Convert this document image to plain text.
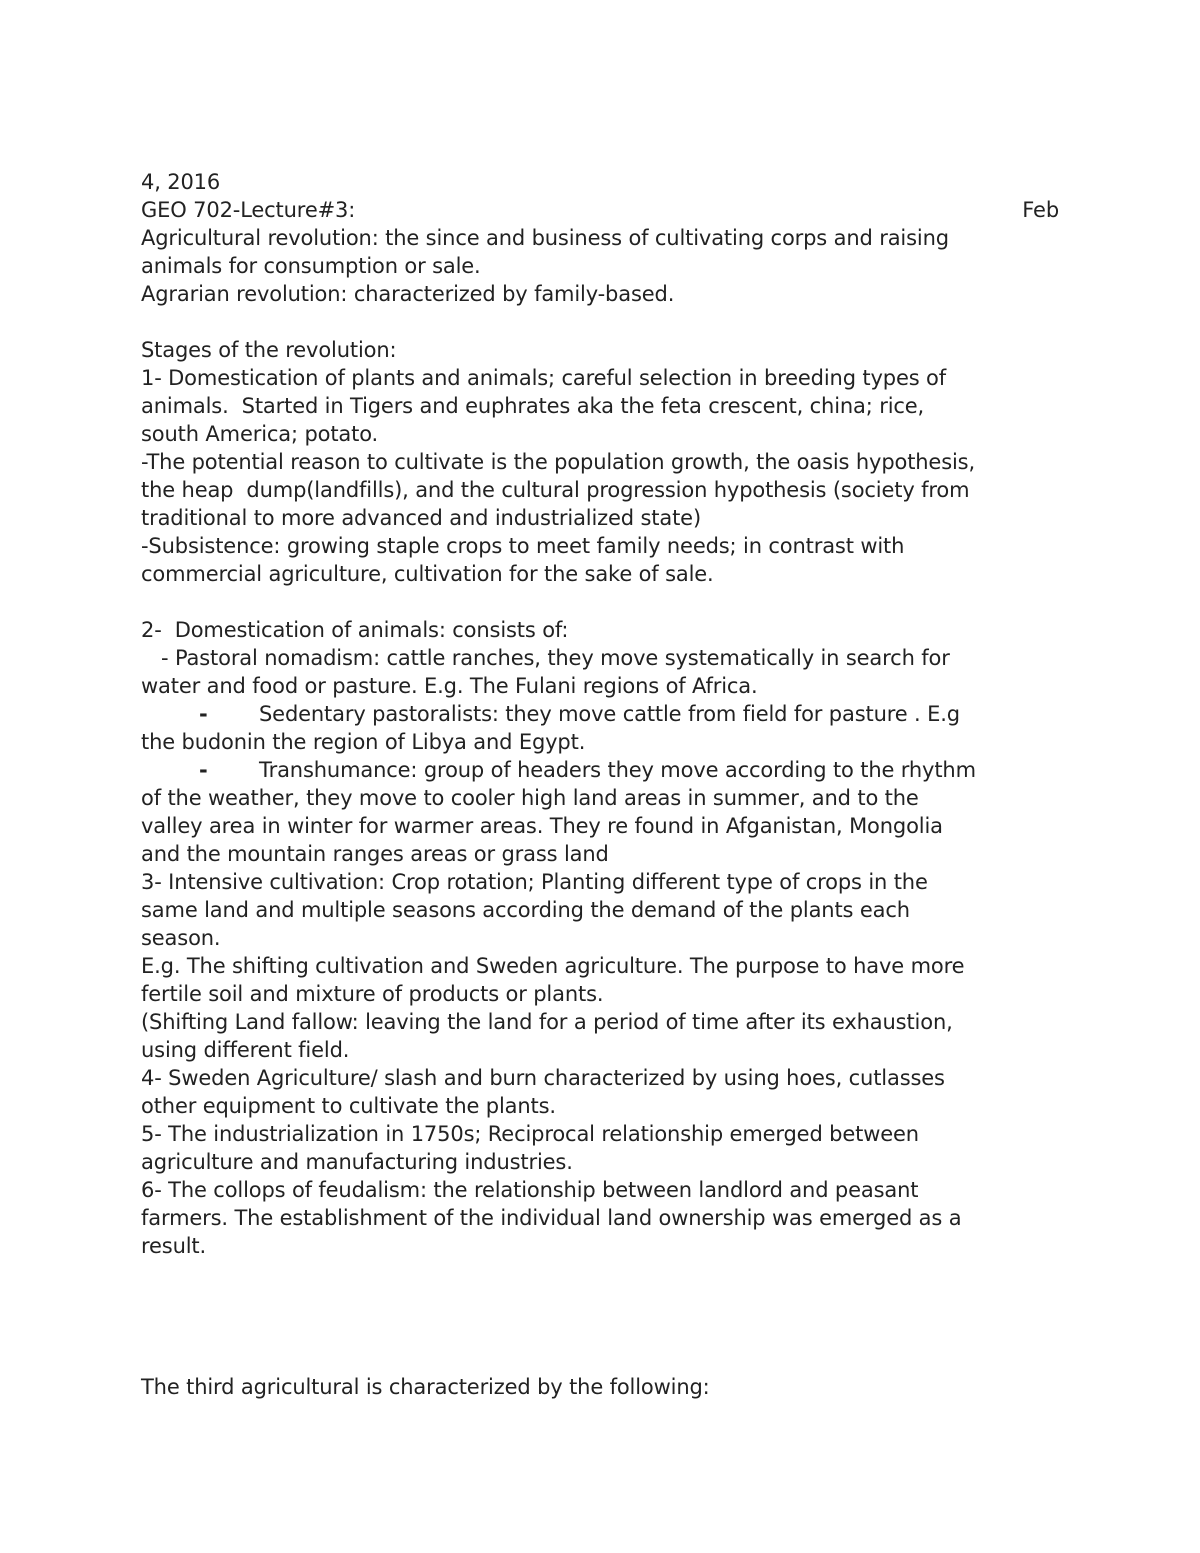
GEO 702-Lecture#3:	Feb

4, 2016
Agricultural revolution: the since and business of cultivating corps and raising
animals for consumption or sale.
Agrarian revolution: characterized by family-based.
Stages of the revolution:
1- Domestication of plants and animals; careful selection in breeding types of
animals.  Started in Tigers and euphrates aka the feta crescent, china; rice,
south America; potato.
-The potential reason to cultivate is the population growth, the oasis hypothesis,
the heap  dump(landfills), and the cultural progression hypothesis (society from
traditional to more advanced and industrialized state)
-Subsistence: growing staple crops to meet family needs; in contrast with
commercial agriculture, cultivation for the sake of sale.
2-  Domestication of animals: consists of:
- Pastoral nomadism: cattle ranches, they move systematically in search for
water and food or pasture. E.g. The Fulani regions of Africa.

-

Sedentary pastoralists: they move cattle from field for pasture . E.g

the budonin the region of Libya and Egypt.

-

Transhumance: group of headers they move according to the rhythm

of the weather, they move to cooler high land areas in summer, and to the
valley area in winter for warmer areas. They re found in Afganistan, Mongolia
and the mountain ranges areas or grass land
3- Intensive cultivation: Crop rotation; Planting different type of crops in the
same land and multiple seasons according the demand of the plants each
season.
E.g. The shifting cultivation and Sweden agriculture. The purpose to have more
fertile soil and mixture of products or plants.
(Shifting Land fallow: leaving the land for a period of time after its exhaustion,
using different field.
4- Sweden Agriculture/ slash and burn characterized by using hoes, cutlasses
other equipment to cultivate the plants.
5- The industrialization in 1750s; Reciprocal relationship emerged between
agriculture and manufacturing industries.
6- The collops of feudalism: the relationship between landlord and peasant
farmers. The establishment of the individual land ownership was emerged as a
result.
The third agricultural is characterized by the following:
